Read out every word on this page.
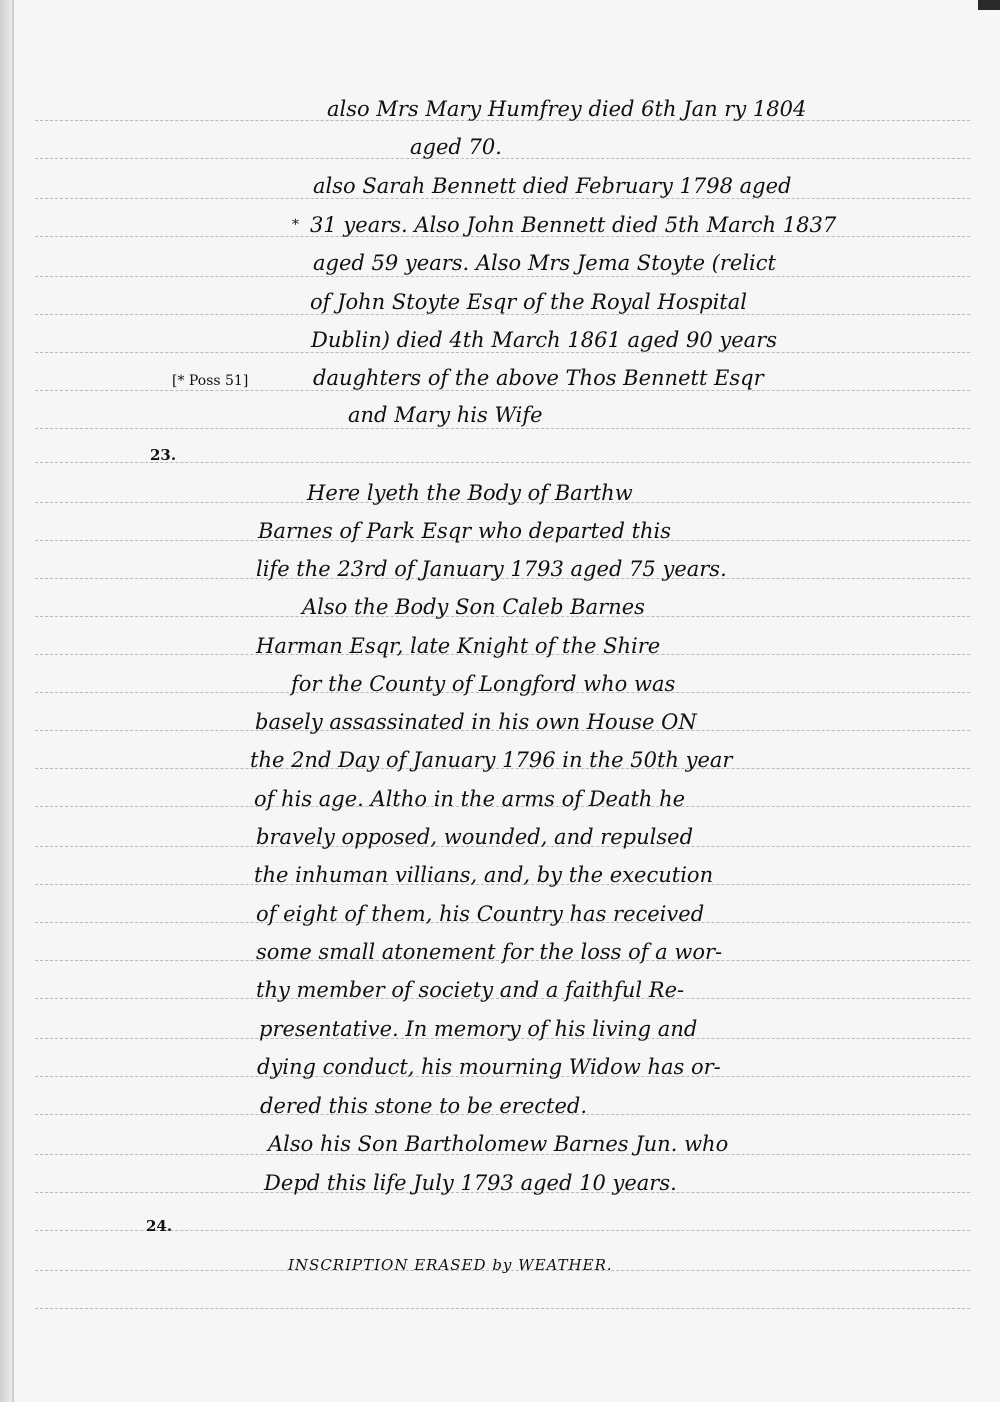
also Mrs Mary Humfrey died 6th Jan ry 1804
aged 70.
also Sarah Bennett died February 1798 aged
* 31 years. Also John Bennett died 5th March 1837
aged 59 years. Also Mrs Jema Stoyte (relict
of John Stoyte Esqr of the Royal Hospital
Dublin) died 4th March 1861 aged 90 years
[* Poss 51]	daughters of the above Thos Bennett Esqr
and Mary his Wife
23.
Here lyeth the Body of Barthw
Barnes of Park Esqr who departed this
life the 23rd of January 1793 aged 75 years.
Also the Body Son Caleb Barnes
Harman Esqr, late Knight of the Shire
for the County of Longford who was
basely assassinated in his own House ON
the 2nd Day of January 1796 in the 50th year
of his age. Altho in the arms of Death he
bravely opposed, wounded, and repulsed
the inhuman villians, and, by the execution
of eight of them, his Country has received
some small atonement for the loss of a wor-
thy member of society and a faithful Re-
presentative. In memory of his living and
dying conduct, his mourning Widow has or-
dered this stone to be erected.
Also his Son Bartholomew Barnes Jun. who
Depd this life July 1793 aged 10 years.
24.
INSCRIPTION ERASED by WEATHER.
